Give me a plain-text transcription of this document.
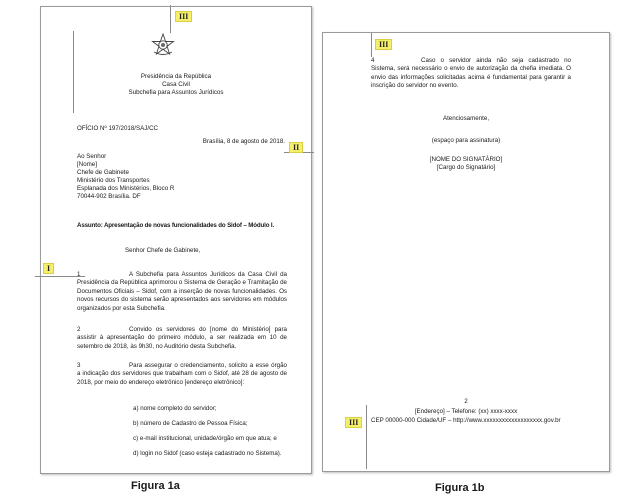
III
Presidência da República
Casa Civil
Subchefia para Assuntos Jurídicos
OFÍCIO Nº 197/2018/SAJ/CC
Brasília, 8 de agosto de 2018.
II
Ao Senhor
[Nome]
Chefe de Gabinete
Ministério dos Transportes
Esplanada dos Ministérios, Bloco R
70044-902 Brasília. DF
Assunto: Apresentação de novas funcionalidades do Sidof – Módulo I.
Senhor Chefe de Gabinete,
I
1	A Subchefia para Assuntos Jurídicos da Casa Civil da Presidência da República aprimorou o Sistema de Geração e Tramitação de Documentos Oficiais – Sidof, com a inserção de novas funcionalidades. Os novos recursos do sistema serão apresentados aos servidores em módulos organizados por esta Subchefia.
2	Convido os servidores do [nome do Ministério] para assistir à apresentação do primeiro módulo, a ser realizada em 10 de setembro de 2018, às 9h30, no Auditório desta Subchefia.
3	Para assegurar o credenciamento, solicito a esse órgão a indicação dos servidores que trabalham com o Sidof, até 28 de agosto de 2018, por meio do endereço eletrônico [endereço eletrônico]:
a) nome completo do servidor;
b) número de Cadastro de Pessoa Física;
c) e-mail institucional, unidade/órgão em que atua; e
d) login no Sidof (caso esteja cadastrado no Sistema).
Figura 1a
III
4	Caso o servidor ainda não seja cadastrado no Sistema, será necessário o envio de autorização da chefia imediata. O envio das informações solicitadas acima é fundamental para garantir a inscrição do servidor no evento.
Atenciosamente,
(espaço para assinatura)
[NOME DO SIGNATÁRIO]
[Cargo do Signatário]
2
[Endereço] – Telefone: (xx) xxxx-xxxx
CEP 00000-000 Cidade/UF – http://www.xxxxxxxxxxxxxxxxxxx.gov.br
III
Figura 1b
